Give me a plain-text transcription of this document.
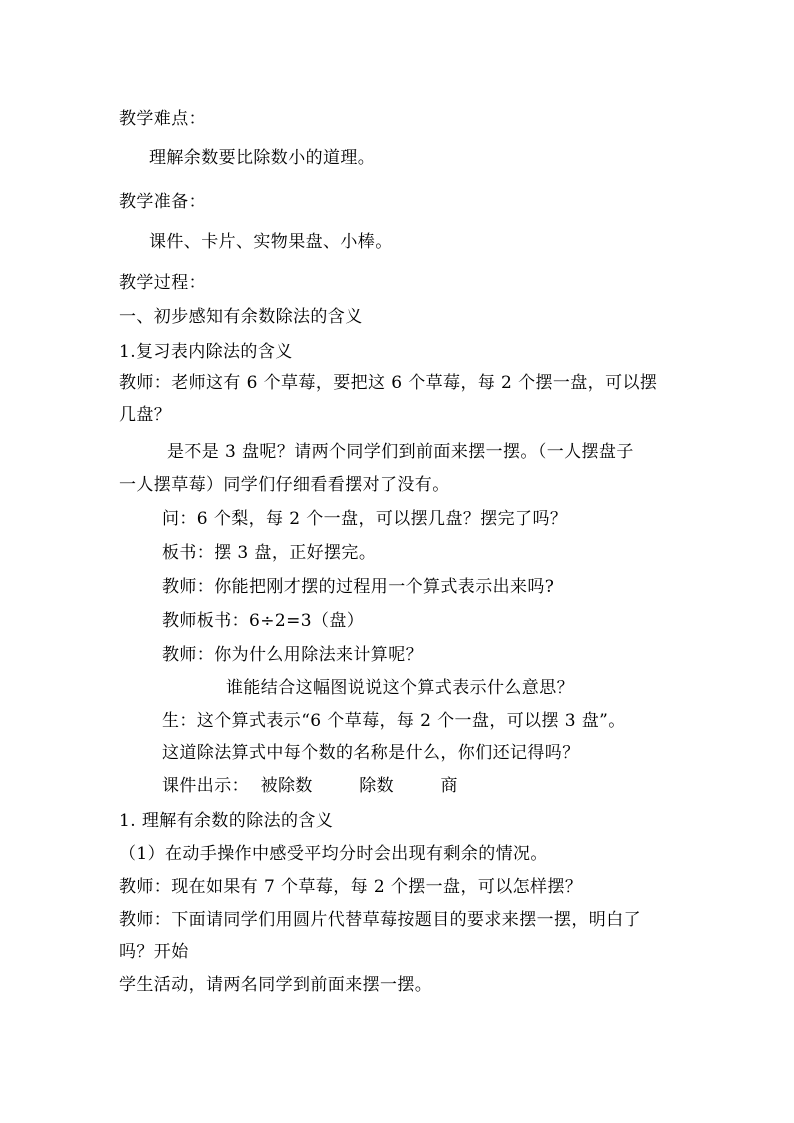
教学难点：
理解余数要比除数小的道理。
教学准备：
课件、卡片、实物果盘、小棒。
教学过程：
一、初步感知有余数除法的含义
1.复习表内除法的含义
教师：老师这有 6 个草莓，要把这 6 个草莓，每 2 个摆一盘，可以摆
几盘？
是不是 3 盘呢？请两个同学们到前面来摆一摆。（一人摆盘子
一人摆草莓）同学们仔细看看摆对了没有。
问：6 个梨，每 2 个一盘，可以摆几盘？摆完了吗？
板书：摆 3 盘，正好摆完。
教师：你能把刚才摆的过程用一个算式表示出来吗?
教师板书：6÷2=3（盘）
教师：你为什么用除法来计算呢？
谁能结合这幅图说说这个算式表示什么意思？
生：这个算式表示“6 个草莓，每 2 个一盘，可以摆 3 盘”。
这道除法算式中每个数的名称是什么，你们还记得吗？
课件出示：  被除数        除数        商
1. 理解有余数的除法的含义
（1）在动手操作中感受平均分时会出现有剩余的情况。
教师：现在如果有 7 个草莓，每 2 个摆一盘，可以怎样摆？
教师：下面请同学们用圆片代替草莓按题目的要求来摆一摆，明白了
吗？开始
学生活动，请两名同学到前面来摆一摆。
